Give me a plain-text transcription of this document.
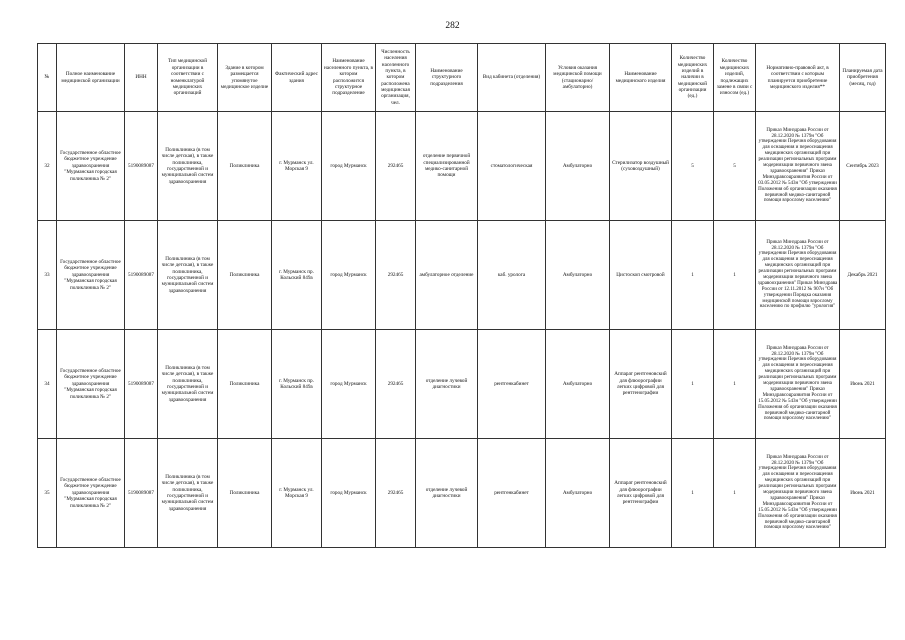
282
№	Полное наименование медицинской организации	ИНН	Тип медицинской организации в соответствии с номенклатурой медицинских организаций	Здание в котором размещается упомянутое медицинское изделие	Фактический адрес здания	Наименование населенного пункта, в котором расположится структурное подразделение	Численность населения населенного пункта, в котором расположена медицинская организация, чел.	Наименование структурного подразделения	Вид кабинета (отделения)	Условия оказания медицинской помощи (стационарно/амбулаторно)	Наименование медицинского изделия	Количество медицинских изделий в наличии в медицинской организации (ед.)	Количество медицинских изделий, подлежащих замене в связи с износом (ед.)	Нормативно-правовой акт, в соответствии с которым планируется приобретение медицинского изделия**	Планируемая дата приобретения (месяц, год)
32	Государственное областное бюджетное учреждение здравоохранения "Мурманская городская поликлиника № 2"	5190089087	Поликлиника (в том числе детская), в также поликлиника, государственной и муниципальной систем здравоохранения	Поликлиника	г. Мурманск ул. Морская 9	город Мурманск	292465	отделение первичной специализированной медико-санитарной помощи	стоматологическая	Амбулаторно	Стерилизатор воздушный (суховоздушный)	5	5	Приказ Минздрава России от 28.12.2020 № 1379н "Об утверждении Перечня оборудования для оснащения и переоснащения медицинских организаций при реализации региональных программ модернизации первичного звена здравоохранения" Приказ Минздравсоцразвития России от 03.05.2012 № 543н "Об утверждении Положения об организации оказания первичной медико-санитарной помощи взрослому населению"	Сентябрь 2023
33	Государственное областное бюджетное учреждение здравоохранения "Мурманская городская поликлиника № 2"	5190089087	Поликлиника (в том числе детская), в также поликлиника, государственной и муниципальной систем здравоохранения	Поликлиника	г. Мурманск пр. Кольский 849а	город Мурманск	292465	амбулаторное отделение	каб. уролога	Амбулаторно	Цистоскоп смотровой	1	1	Приказ Минздрава России от 28.12.2020 № 1379н "Об утверждении Перечня оборудования для оснащения и переоснащения медицинских организаций при реализации региональных программ модернизации первичного звена здравоохранения" Приказ Минздрава России от 12.11.2012 № 907н "Об утверждении Порядка оказания медицинской помощи взрослому населению по профилю "урология"	Декабрь 2021
34	Государственное областное бюджетное учреждение здравоохранения "Мурманская городская поликлиника № 2"	5190089087	Поликлиника (в том числе детская), в также поликлиника, государственной и муниципальной систем здравоохранения	Поликлиника	г. Мурманск пр. Кольский 849а	город Мурманск	292465	отделение лучевой диагностики	рентгенкабинет	Амбулаторно	Аппарат рентгеновский для флюорографии легких цифровой для рентгенографии	1	1	Приказ Минздрава России от 28.12.2020 № 1379н "Об утверждении Перечня оборудования для оснащения и переоснащения медицинских организаций при реализации региональных программ модернизации первичного звена здравоохранения" Приказ Минздравсоцразвития России от 15.05.2012 № 543н "Об утверждении Положения об организации оказания первичной медико-санитарной помощи взрослому населению"	Июнь 2021
35	Государственное областное бюджетное учреждение здравоохранения "Мурманская городская поликлиника № 2"	5190089087	Поликлиника (в том числе детская), в также поликлиника, государственной и муниципальной систем здравоохранения	Поликлиника	г. Мурманск ул. Морская 9	город Мурманск	292465	отделение лучевой диагностики	рентгенкабинет	Амбулаторно	Аппарат рентгеновский для флюорографии легких цифровой для рентгенографии	1	1	Приказ Минздрава России от 28.12.2020 № 1379н "Об утверждении Перечня оборудования для оснащения и переоснащения медицинских организаций при реализации региональных программ модернизации первичного звена здравоохранения" Приказ Минздравсоцразвития России от 15.05.2012 № 543н "Об утверждении Положения об организации оказания первичной медико-санитарной помощи взрослому населению"	Июнь 2021
